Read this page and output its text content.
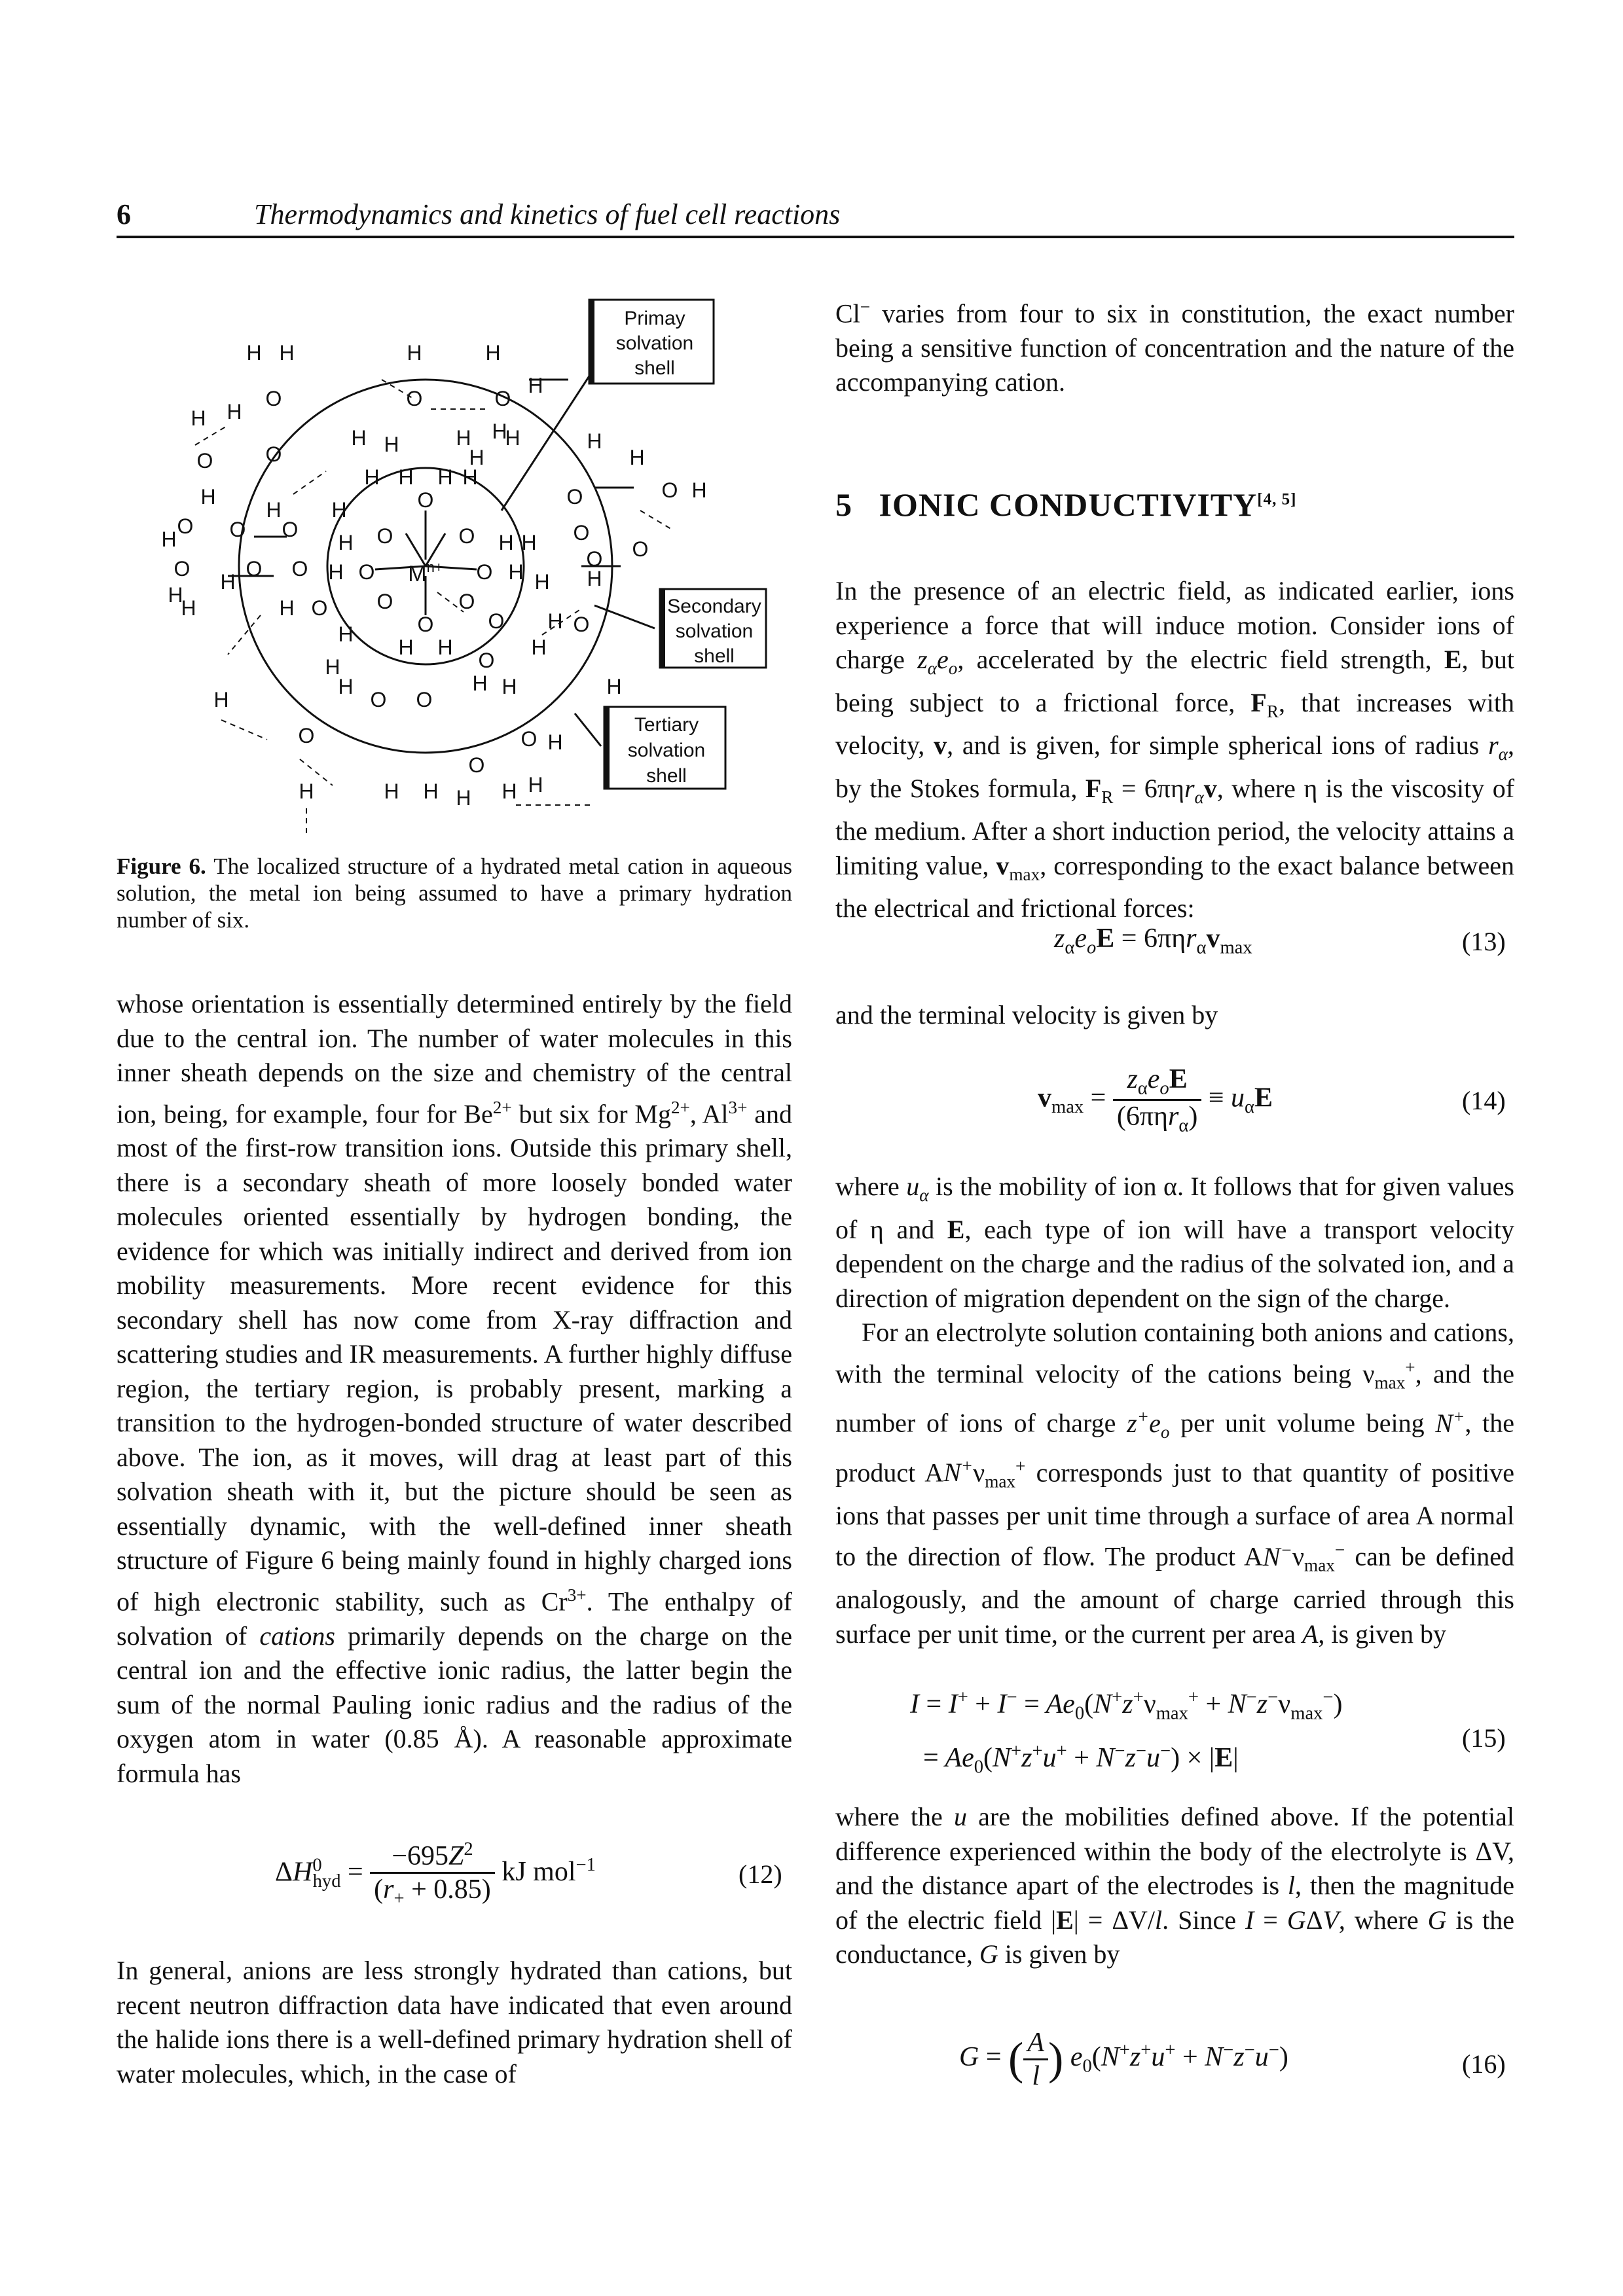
6	Thermodynamics and kinetics of fuel cell reactions
$M^{n+}$
O
H H
O
H H
O
H
H
O H
H
O	O
O	O
O
O
O
O
O
O	O	O
O	O
O O
O
O
O
O
O
O
O
O
O
O
O
O
O
H H
H H
H	H
H
H
H
H
H
H
H
H
H
H
H H
H
H
H
H
H
H
H
H H
H	H
H
H
H
H
H
H	H H
H
H
H H	H
H
H
H
Primay
solvation
shell
Secondary
solvation
shell
Tertiary
solvation
shell
Figure 6. The localized structure of a hydrated metal cation in aqueous solution, the metal ion being assumed to have a primary hydration number of six.

whose orientation is essentially determined entirely by the field due to the central ion. The number of water molecules in this inner sheath depends on the size and chemistry of the central ion, being, for example, four for $Be^{2+}$ but six for $Mg^{2+}$, $Al^{3+}$ and most of the first-row transition ions. Outside this primary shell, there is a secondary sheath of more loosely bonded water molecules oriented essentially by hydrogen bonding, the evidence for which was initially indirect and derived from ion mobility measurements. More recent evidence for this secondary shell has now come from X-ray diffraction and scattering studies and IR measurements. A further highly diffuse region, the tertiary region, is probably present, marking a transition to the hydrogen-bonded structure of water described above. The ion, as it moves, will drag at least part of this solvation sheath with it, but the picture should be seen as essentially dynamic, with the well-defined inner sheath structure of Figure 6 being mainly found in highly charged ions of high electronic stability, such as $Cr^{3+}$. The enthalpy of solvation of cations primarily depends on the charge on the central ion and the effective ionic radius, the latter begin the sum of the normal Pauling ionic radius and the radius of the oxygen atom in water (0.85 Å). A reasonable approximate formula has

$\Delta H^0_{hyd} = \frac{-695Z^2}{(r_+ + 0.85)}$ kJ mol$^{-1}$	(12)

In general, anions are less strongly hydrated than cations, but recent neutron diffraction data have indicated that even around the halide ions there is a well-defined primary hydration shell of water molecules, which, in the case of

Cl− varies from four to six in constitution, the exact number being a sensitive function of concentration and the nature of the accompanying cation.

5 IONIC CONDUCTIVITY[4, 5]

In the presence of an electric field, as indicated earlier, ions experience a force that will induce motion. Consider ions of charge $z_\alpha e_o$, accelerated by the electric field strength, E, but being subject to a frictional force, $F_R$, that increases with velocity, v, and is given, for simple spherical ions of radius $r_\alpha$, by the Stokes formula, $F_R = 6\pi\eta r_\alpha v$, where η is the viscosity of the medium. After a short induction period, the velocity attains a limiting value, $v_{max}$, corresponding to the exact balance between the electrical and frictional forces:

$z_\alpha e_oE = 6\pi\eta r_\alpha v_{max}$	(13)

and the terminal velocity is given by

$v_{max} = \frac{z_\alpha e_oE}{(6\pi\eta r_\alpha)} \equiv u_\alpha E$	(14)

where $u_\alpha$ is the mobility of ion α. It follows that for given values of η and E, each type of ion will have a transport velocity dependent on the charge and the radius of the solvated ion, and a direction of migration dependent on the sign of the charge.

For an electrolyte solution containing both anions and cations, with the terminal velocity of the cations being $\nu_{max}^+$, and the number of ions of charge $z^+e_o$ per unit volume being N+, the product $AN^+\nu_{max}^+$ corresponds just to that quantity of positive ions that passes per unit time through a surface of area A normal to the direction of flow. The product $AN^-\nu_{max}^-$ can be defined analogously, and the amount of charge carried through this surface per unit time, or the current per area A, is given by

$I = I^+ + I^- = Ae_0(N^+z^+\nu_{max}^+ + N^-z^-\nu_{max}^-)$
= $Ae_0(N^+z^+u^+ + N^-z^-u^-) \times |E|$
(15)

where the u are the mobilities defined above. If the potential difference experienced within the body of the electrolyte is ΔV, and the distance apart of the electrodes is l, then the magnitude of the electric field |E| = ΔV/l. Since I = GΔV, where G is the conductance, G is given by

G = ( $\frac{A}{l}$ ) $e_0(N^+z^+u^+ + N^-z^-u^-)$	(16)
